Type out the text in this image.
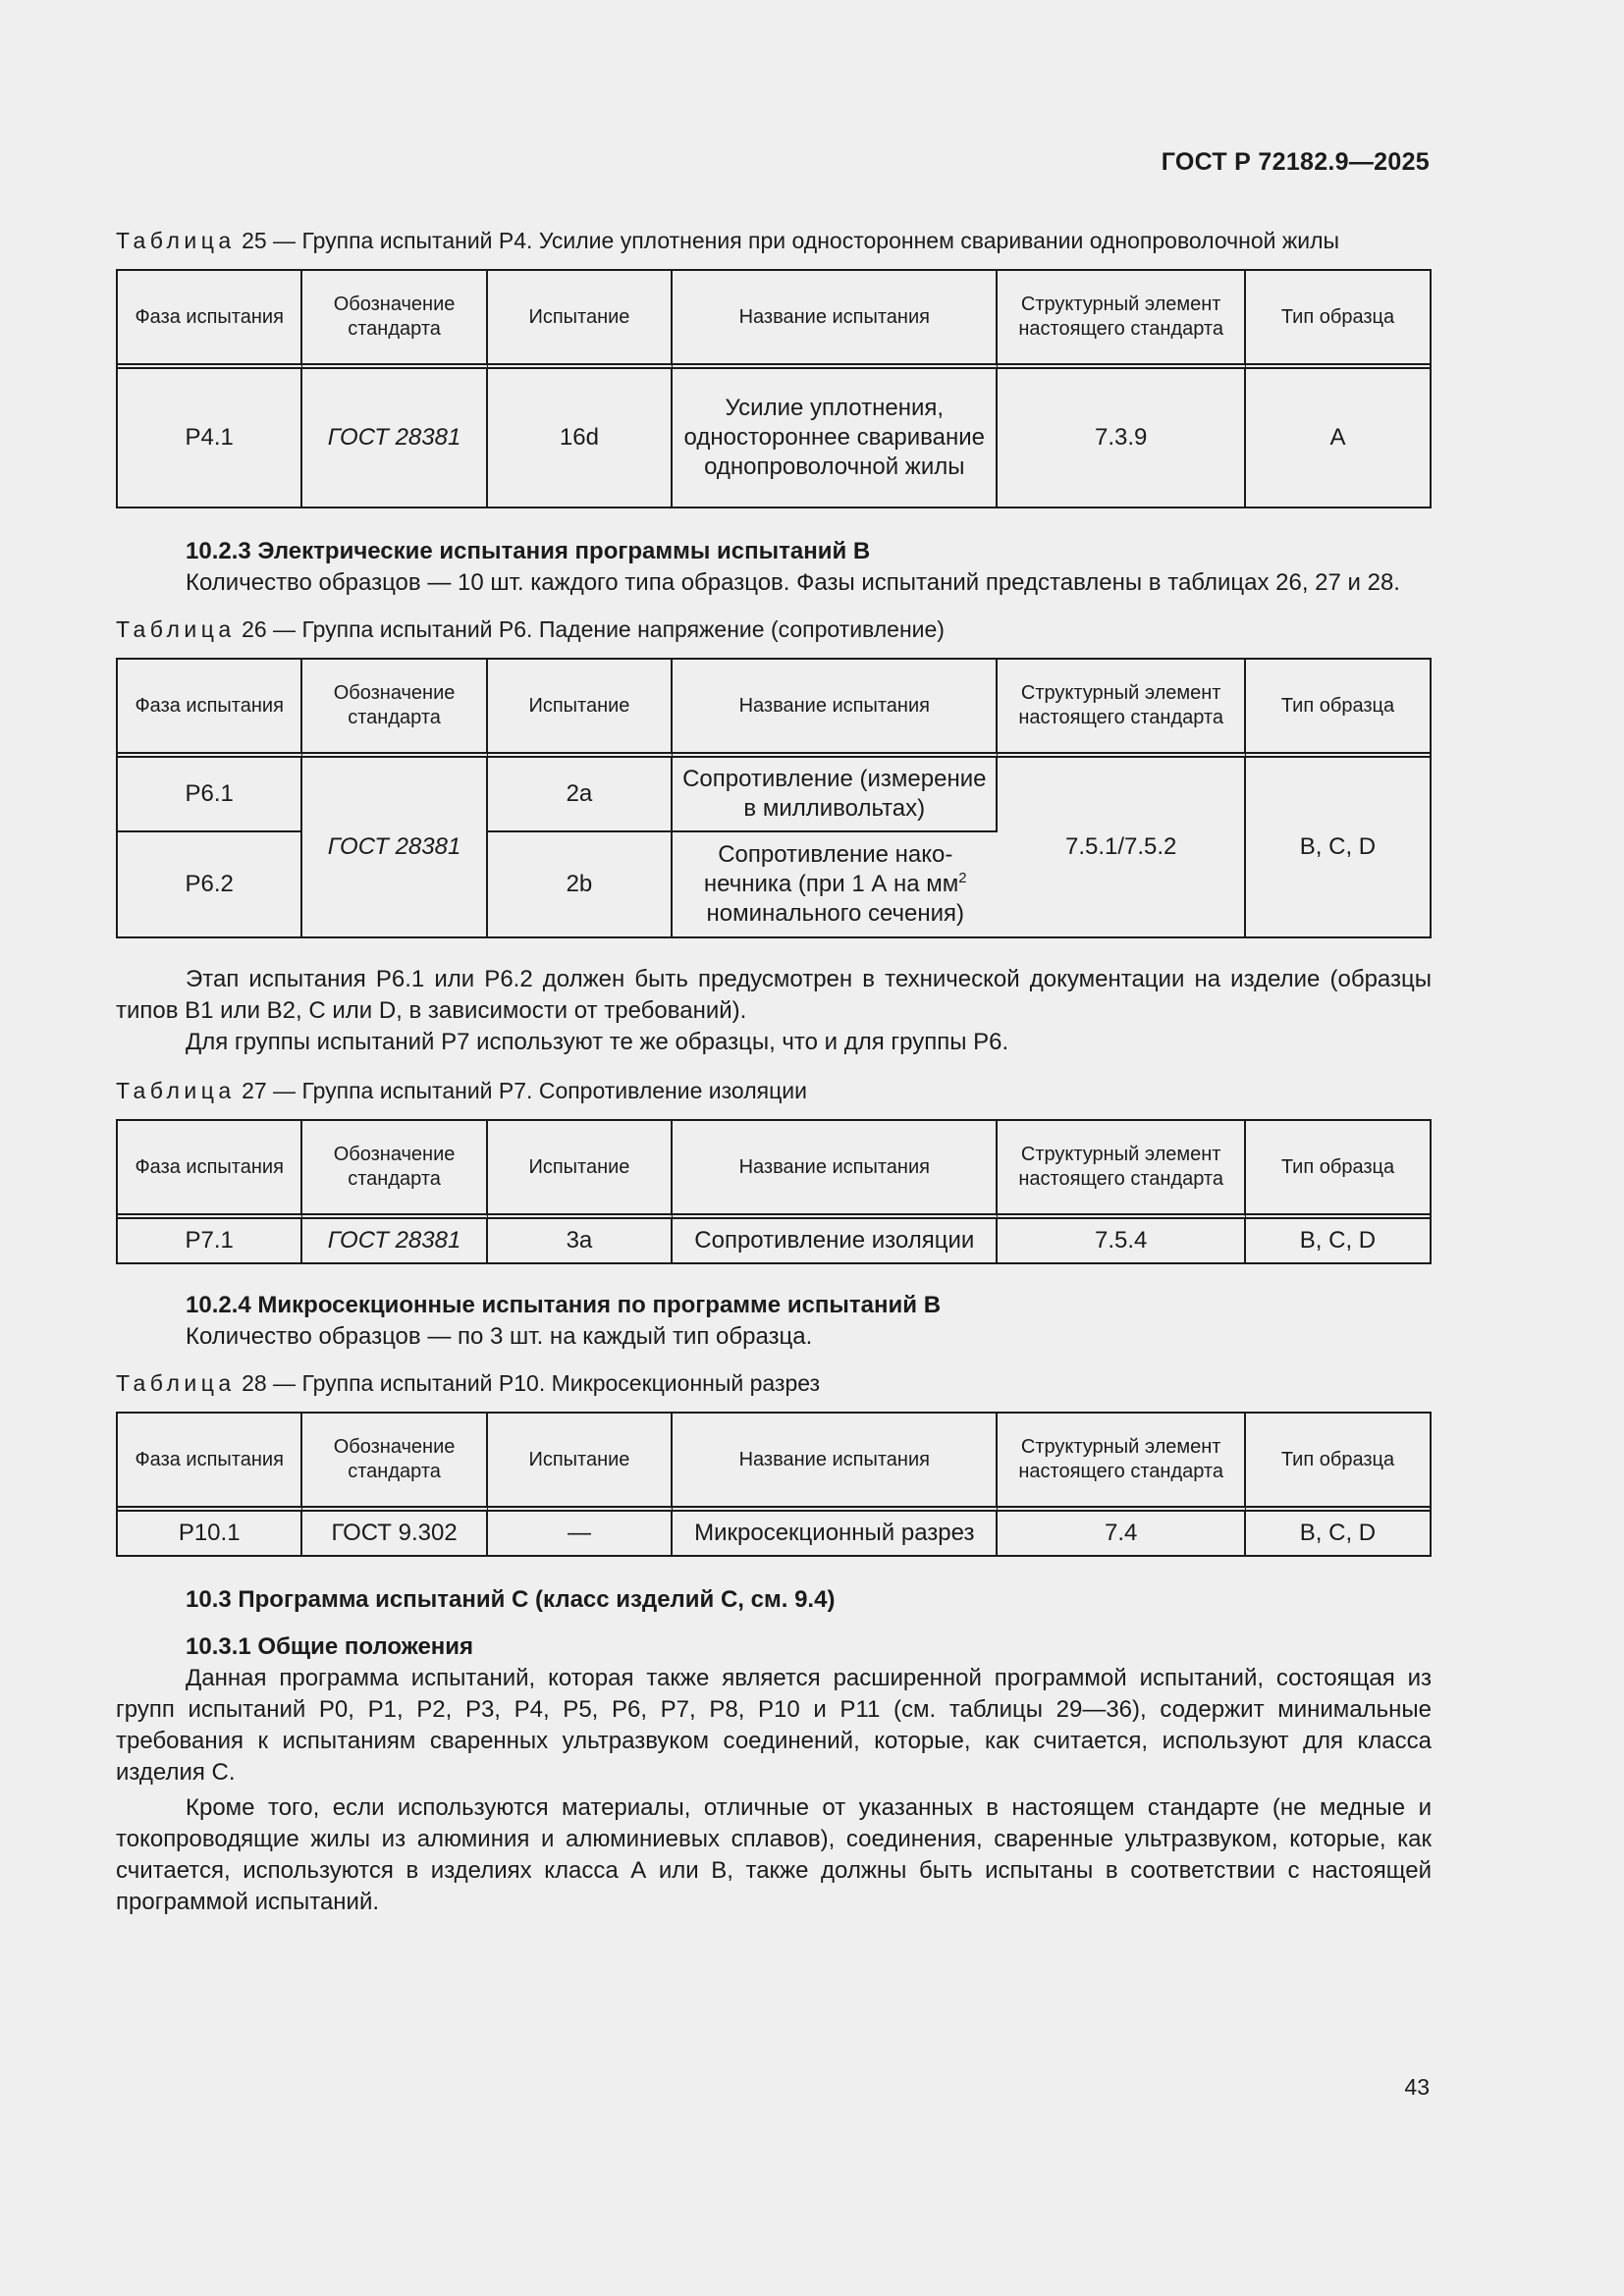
ГОСТ Р 72182.9—2025
Таблица 25 — Группа испытаний Р4. Усилие уплотнения при одностороннем сваривании однопроволочной жилы
Фаза испытания	Обозначение стандарта	Испытание	Название испытания	Структурный элемент настоящего стандарта	Тип образца
Р4.1	ГОСТ 28381	16d	Усилие уплотнения, одностороннее сваривание однопроволочной жилы	7.3.9	А

10.2.3 Электрические испытания программы испытаний В

Количество образцов — 10 шт. каждого типа образцов. Фазы испытаний представлены в таблицах 26, 27 и 28.

Таблица 26 — Группа испытаний Р6. Падение напряжение (сопротивление)
Фаза испытания	Обозначение стандарта	Испытание	Название испытания	Структурный элемент настоящего стандарта	Тип образца
Р6.1	ГОСТ 28381	2a	Сопротивление (измерение в милливольтах)	7.5.1/7.5.2	В, С, D
Р6.2		2b	Сопротивление наконечника (при 1 А на $мм^2$ номинального сечения)		

Этап испытания Р6.1 или Р6.2 должен быть предусмотрен в технической документации на изделие (образцы типов В1 или В2, С или D, в зависимости от требований).

Для группы испытаний Р7 используют те же образцы, что и для группы Р6.

Таблица 27 — Группа испытаний Р7. Сопротивление изоляции
Фаза испытания	Обозначение стандарта	Испытание	Название испытания	Структурный элемент настоящего стандарта	Тип образца
Р7.1	ГОСТ 28381	3a	Сопротивление изоляции	7.5.4	В, С, D

10.2.4 Микросекционные испытания по программе испытаний В

Количество образцов — по 3 шт. на каждый тип образца.

Таблица 28 — Группа испытаний Р10. Микросекционный разрез
Фаза испытания	Обозначение стандарта	Испытание	Название испытания	Структурный элемент настоящего стандарта	Тип образца
Р10.1	ГОСТ 9.302	—	Микросекционный разрез	7.4	В, С, D

10.3 Программа испытаний С (класс изделий С, см. 9.4)

10.3.1 Общие положения

Данная программа испытаний, которая также является расширенной программой испытаний, состоящая из групп испытаний Р0, Р1, Р2, Р3, Р4, Р5, Р6, Р7, Р8, Р10 и Р11 (см. таблицы 29—36), содержит минимальные требования к испытаниям сваренных ультразвуком соединений, которые, как считается, используют для класса изделия С.

Кроме того, если используются материалы, отличные от указанных в настоящем стандарте (не медные и токопроводящие жилы из алюминия и алюминиевых сплавов), соединения, сваренные ультразвуком, которые, как считается, используются в изделиях класса А или В, также должны быть испытаны в соответствии с настоящей программой испытаний.

43
